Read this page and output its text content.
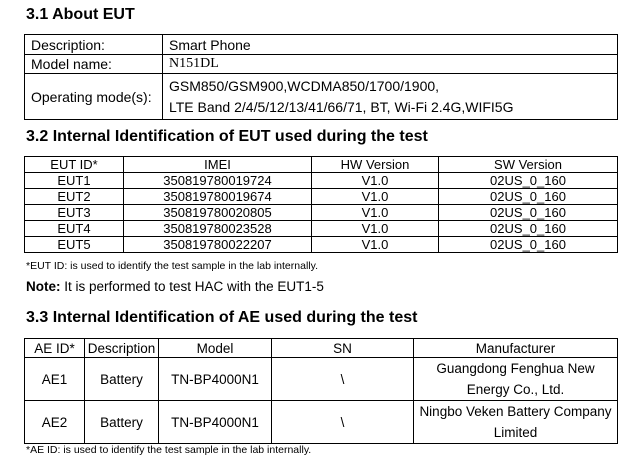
3.1 About EUT
Description:	Smart Phone
Model name:	N151DL
Operating mode(s):	GSM850/GSM900,WCDMA850/1700/1900,
LTE Band 2/4/5/12/13/41/66/71, BT, Wi-Fi 2.4G,WIFI5G
3.2 Internal Identification of EUT used during the test
EUT ID*	IMEI	HW Version	SW Version
EUT1	350819780019724	V1.0	02US_0_160
EUT2	350819780019674	V1.0	02US_0_160
EUT3	350819780020805	V1.0	02US_0_160
EUT4	350819780023528	V1.0	02US_0_160
EUT5	350819780022207	V1.0	02US_0_160

*EUT ID: is used to identify the test sample in the lab internally.

Note: It is performed to test HAC with the EUT1-5

3.3 Internal Identification of AE used during the test
AE ID*	Description	Model	SN	Manufacturer
AE1	Battery	TN-BP4000N1	\	Guangdong Fenghua New
Energy Co., Ltd.

AE2	Battery	TN-BP4000N1	\	Ningbo Veken Battery Company
Limited

*AE ID: is used to identify the test sample in the lab internally.
